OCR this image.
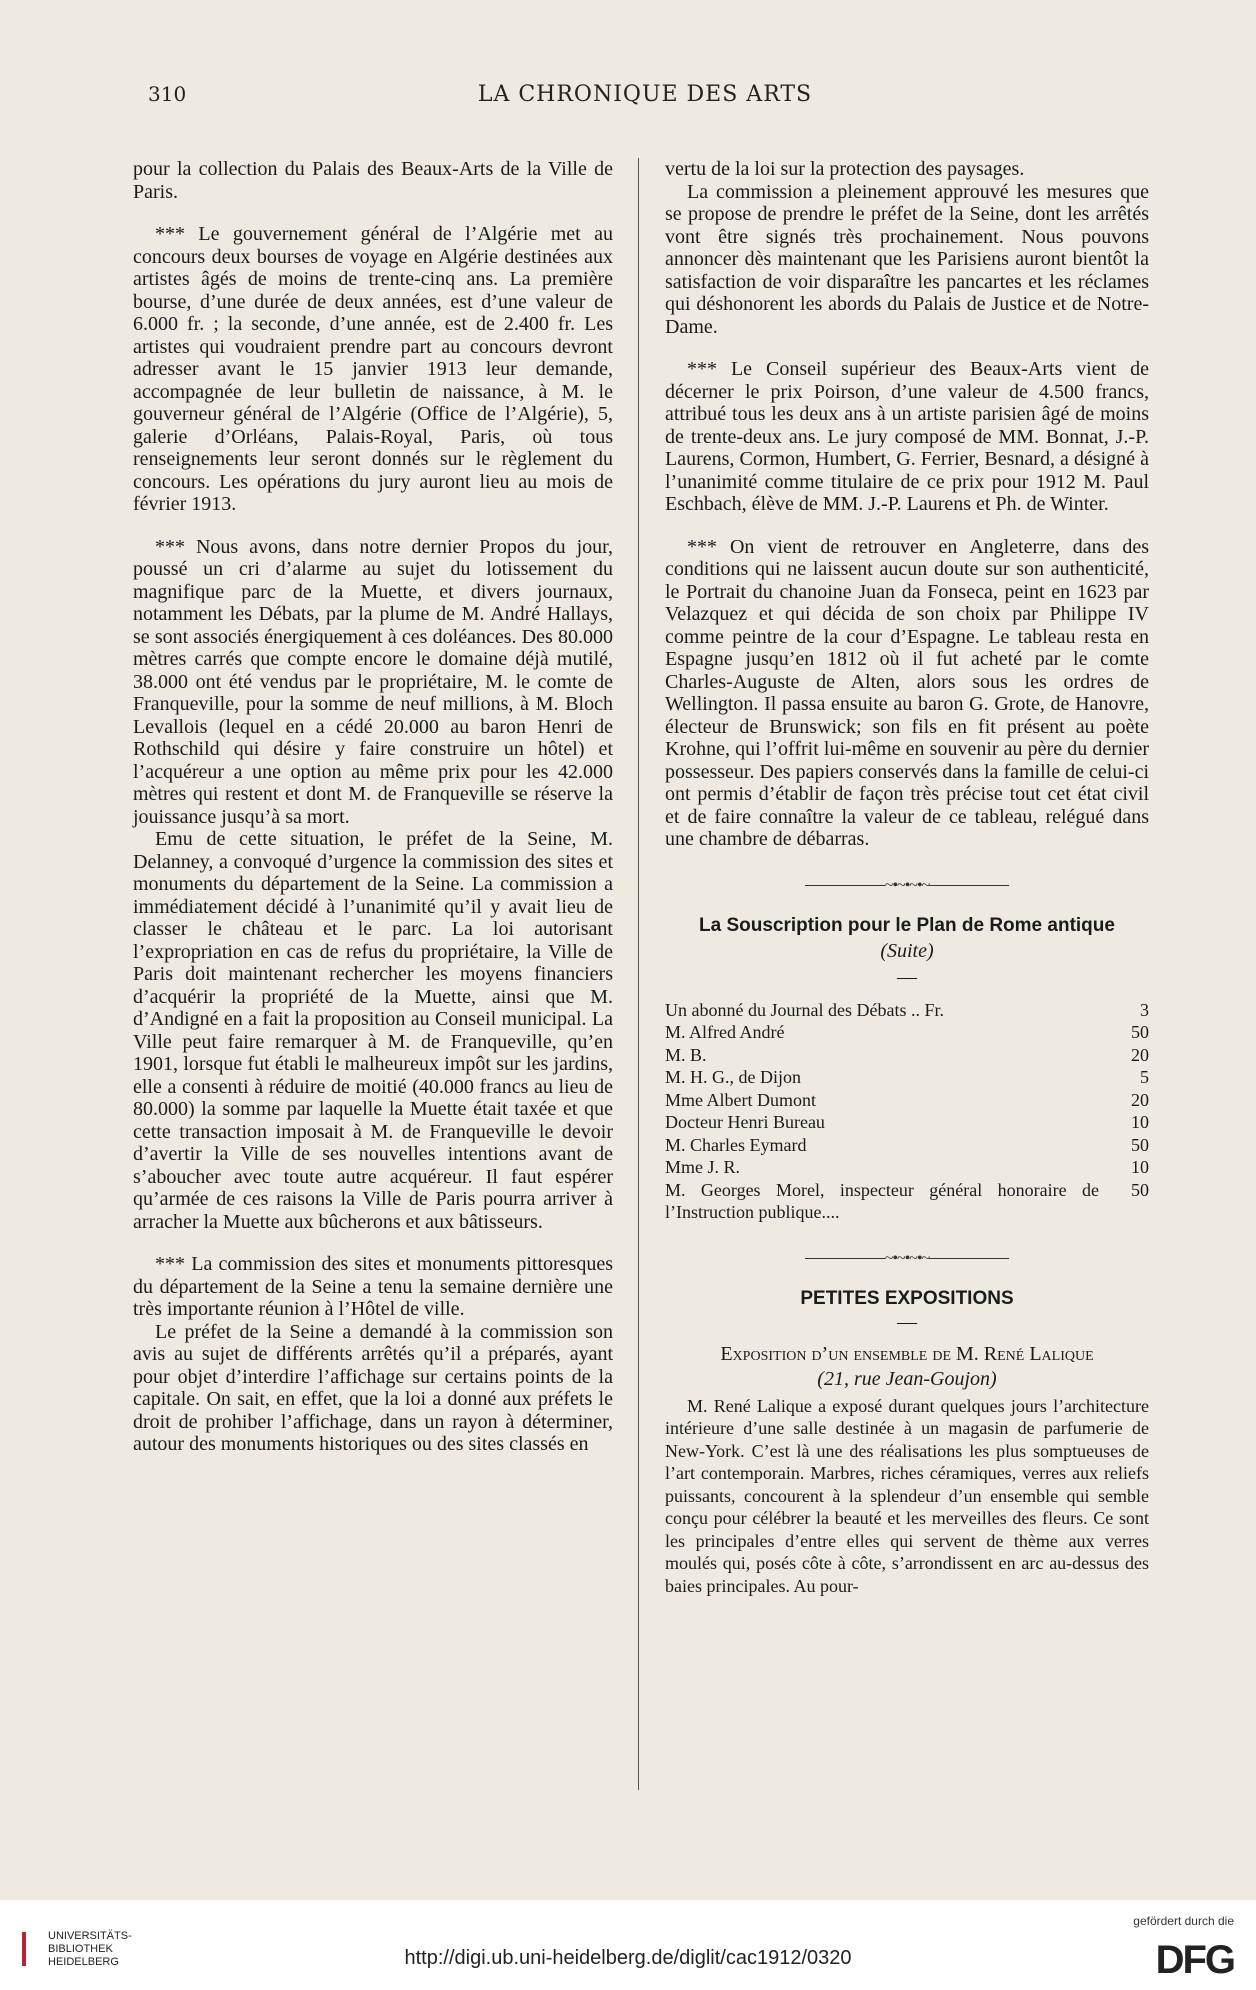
310	LA CHRONIQUE DES ARTS

pour la collection du Palais des Beaux-Arts de la Ville de Paris.

*** Le gouvernement général de l’Algérie met au concours deux bourses de voyage en Algérie destinées aux artistes âgés de moins de trente-cinq ans. La première bourse, d’une durée de deux années, est d’une valeur de 6.000 fr. ; la seconde, d’une année, est de 2.400 fr. Les artistes qui voudraient prendre part au concours devront adresser avant le 15 janvier 1913 leur demande, accompagnée de leur bulletin de naissance, à M. le gouverneur général de l’Algérie (Office de l’Algérie), 5, galerie d’Orléans, Palais-Royal, Paris, où tous renseignements leur seront donnés sur le règlement du concours. Les opérations du jury auront lieu au mois de février 1913.

*** Nous avons, dans notre dernier Propos du jour, poussé un cri d’alarme au sujet du lotissement du magnifique parc de la Muette, et divers journaux, notamment les Débats, par la plume de M. André Hallays, se sont associés énergiquement à ces doléances. Des 80.000 mètres carrés que compte encore le domaine déjà mutilé, 38.000 ont été vendus par le propriétaire, M. le comte de Franqueville, pour la somme de neuf millions, à M. Bloch Levallois (lequel en a cédé 20.000 au baron Henri de Rothschild qui désire y faire construire un hôtel) et l’acquéreur a une option au même prix pour les 42.000 mètres qui restent et dont M. de Franqueville se réserve la jouissance jusqu’à sa mort.

Emu de cette situation, le préfet de la Seine, M. Delanney, a convoqué d’urgence la commission des sites et monuments du département de la Seine. La commission a immédiatement décidé à l’unanimité qu’il y avait lieu de classer le château et le parc. La loi autorisant l’expropriation en cas de refus du propriétaire, la Ville de Paris doit maintenant rechercher les moyens financiers d’acquérir la propriété de la Muette, ainsi que M. d’Andigné en a fait la proposition au Conseil municipal. La Ville peut faire remarquer à M. de Franqueville, qu’en 1901, lorsque fut établi le malheureux impôt sur les jardins, elle a consenti à réduire de moitié (40.000 francs au lieu de 80.000) la somme par laquelle la Muette était taxée et que cette transaction imposait à M. de Franqueville le devoir d’avertir la Ville de ses nouvelles intentions avant de s’aboucher avec toute autre acquéreur. Il faut espérer qu’armée de ces raisons la Ville de Paris pourra arriver à arracher la Muette aux bûcherons et aux bâtisseurs.

*** La commission des sites et monuments pittoresques du département de la Seine a tenu la semaine dernière une très importante réunion à l’Hôtel de ville.

Le préfet de la Seine a demandé à la commission son avis au sujet de différents arrêtés qu’il a préparés, ayant pour objet d’interdire l’affichage sur certains points de la capitale. On sait, en effet, que la loi a donné aux préfets le droit de prohiber l’affichage, dans un rayon à déterminer, autour des monuments historiques ou des sites classés en

vertu de la loi sur la protection des paysages.

La commission a pleinement approuvé les mesures que se propose de prendre le préfet de la Seine, dont les arrêtés vont être signés très prochainement. Nous pouvons annoncer dès maintenant que les Parisiens auront bientôt la satisfaction de voir disparaître les pancartes et les réclames qui déshonorent les abords du Palais de Justice et de Notre-Dame.

*** Le Conseil supérieur des Beaux-Arts vient de décerner le prix Poirson, d’une valeur de 4.500 francs, attribué tous les deux ans à un artiste parisien âgé de moins de trente-deux ans. Le jury composé de MM. Bonnat, J.-P. Laurens, Cormon, Humbert, G. Ferrier, Besnard, a désigné à l’unanimité comme titulaire de ce prix pour 1912 M. Paul Eschbach, élève de MM. J.-P. Laurens et Ph. de Winter.

*** On vient de retrouver en Angleterre, dans des conditions qui ne laissent aucun doute sur son authenticité, le Portrait du chanoine Juan da Fonseca, peint en 1623 par Velazquez et qui décida de son choix par Philippe IV comme peintre de la cour d’Espagne. Le tableau resta en Espagne jusqu’en 1812 où il fut acheté par le comte Charles-Auguste de Alten, alors sous les ordres de Wellington. Il passa ensuite au baron G. Grote, de Hanovre, électeur de Brunswick; son fils en fit présent au poète Krohne, qui l’offrit lui-même en souvenir au père du dernier possesseur. Des papiers conservés dans la famille de celui-ci ont permis d’établir de façon très précise tout cet état civil et de faire connaître la valeur de ce tableau, relégué dans une chambre de débarras.

~•~•~•~
La Souscription pour le Plan de Rome antique
(Suite)
—
Un abonné du Journal des Débats .. Fr.	3
M. Alfred André	50
M. B.	20
M. H. G., de Dijon	5
Mme Albert Dumont	20
Docteur Henri Bureau	10
M. Charles Eymard	50
Mme J. R.	10
M. Georges Morel, inspecteur général honoraire de l’Instruction publique....	50
~•~•~•~
PETITES EXPOSITIONS
—
Exposition d’un ensemble de M. René Lalique
(21, rue Jean-Goujon)

M. René Lalique a exposé durant quelques jours l’architecture intérieure d’une salle destinée à un magasin de parfumerie de New-York. C’est là une des réalisations les plus somptueuses de l’art contemporain. Marbres, riches céramiques, verres aux reliefs puissants, concourent à la splendeur d’un ensemble qui semble conçu pour célébrer la beauté et les merveilles des fleurs. Ce sont les principales d’entre elles qui servent de thème aux verres moulés qui, posés côte à côte, s’arrondissent en arc au-dessus des baies principales. Au pour-

UNIVERSITÄTS-
BIBLIOTHEK
HEIDELBERG	http://digi.ub.uni-heidelberg.de/diglit/cac1912/0320
gefördert durch die
DFG
